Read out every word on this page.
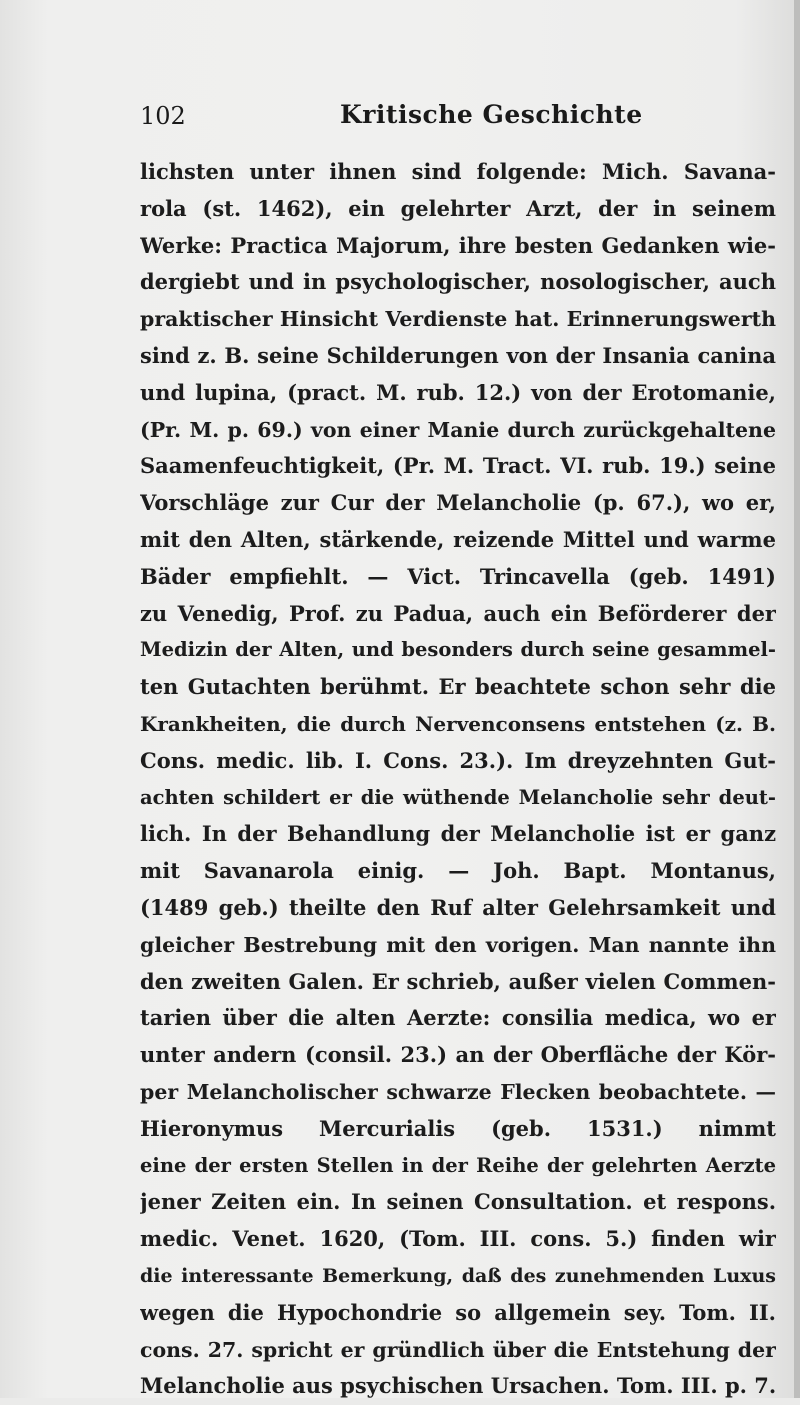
102	Kritische Geschichte
lichsten unter ihnen sind folgende: Mich. Savana-
rola (st. 1462), ein gelehrter Arzt, der in seinem
Werke: Practica Majorum, ihre besten Gedanken wie-
dergiebt und in psychologischer, nosologischer, auch
praktischer Hinsicht Verdienste hat. Erinnerungswerth
sind z. B. seine Schilderungen von der Insania canina
und lupina, (pract. M. rub. 12.) von der Erotomanie,
(Pr. M. p. 69.) von einer Manie durch zurückgehaltene
Saamenfeuchtigkeit, (Pr. M. Tract. VI. rub. 19.) seine
Vorschläge zur Cur der Melancholie (p. 67.), wo er,
mit den Alten, stärkende, reizende Mittel und warme
Bäder empfiehlt. — Vict. Trincavella (geb. 1491)
zu Venedig, Prof. zu Padua, auch ein Beförderer der
Medizin der Alten, und besonders durch seine gesammel-
ten Gutachten berühmt. Er beachtete schon sehr die
Krankheiten, die durch Nervenconsens entstehen (z. B.
Cons. medic. lib. I. Cons. 23.). Im dreyzehnten Gut-
achten schildert er die wüthende Melancholie sehr deut-
lich. In der Behandlung der Melancholie ist er ganz
mit Savanarola einig. — Joh. Bapt. Montanus,
(1489 geb.) theilte den Ruf alter Gelehrsamkeit und
gleicher Bestrebung mit den vorigen. Man nannte ihn
den zweiten Galen. Er schrieb, außer vielen Commen-
tarien über die alten Aerzte: consilia medica, wo er
unter andern (consil. 23.) an der Oberfläche der Kör-
per Melancholischer schwarze Flecken beobachtete. —
Hieronymus Mercurialis (geb. 1531.) nimmt
eine der ersten Stellen in der Reihe der gelehrten Aerzte
jener Zeiten ein. In seinen Consultation. et respons.
medic. Venet. 1620, (Tom. III. cons. 5.) finden wir
die interessante Bemerkung, daß des zunehmenden Luxus
wegen die Hypochondrie so allgemein sey. Tom. II.
cons. 27. spricht er gründlich über die Entstehung der
Melancholie aus psychischen Ursachen. Tom. III. p. 7.
